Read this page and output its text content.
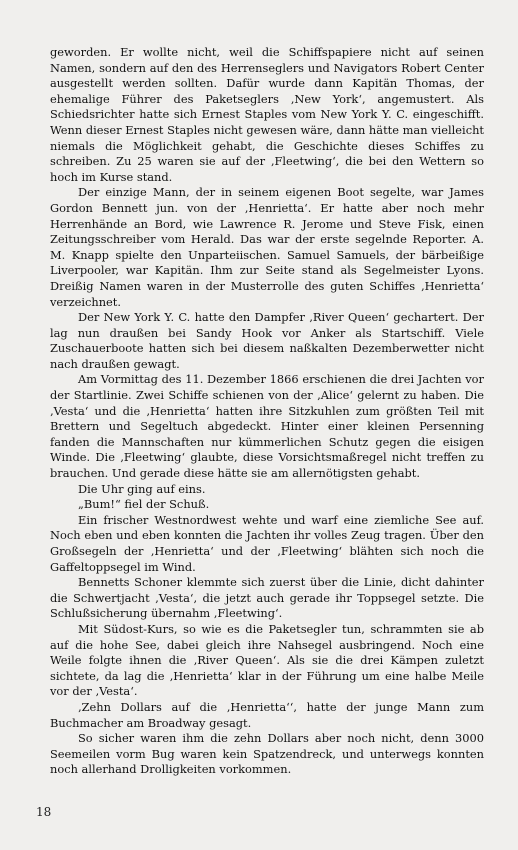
geworden. Er wollte nicht, weil die Schiffspapiere nicht auf seinen Namen, sondern auf den des Herrenseglers und Navigators Robert Center ausgestellt werden sollten. Dafür wurde dann Kapitän Thomas, der ehemalige Führer des Paketseglers ‚New York‘, angemustert. Als Schiedsrichter hatte sich Ernest Staples vom New York Y. C. eingeschifft. Wenn dieser Ernest Staples nicht gewesen wäre, dann hätte man vielleicht niemals die Möglichkeit gehabt, die Geschichte dieses Schiffes zu schreiben. Zu 25 waren sie auf der ‚Fleetwing‘, die bei den Wettern so hoch im Kurse stand.

Der einzige Mann, der in seinem eigenen Boot segelte, war James Gordon Bennett jun. von der ‚Henrietta‘. Er hatte aber noch mehr Herrenhände an Bord, wie Lawrence R. Jerome und Steve Fisk, einen Zeitungsschreiber vom Herald. Das war der erste segelnde Reporter. A. M. Knapp spielte den Unparteiischen. Samuel Samuels, der bärbeißige Liverpooler, war Kapitän. Ihm zur Seite stand als Segelmeister Lyons. Dreißig Namen waren in der Musterrolle des guten Schiffes ‚Henrietta‘ verzeichnet.

Der New York Y. C. hatte den Dampfer ‚River Queen‘ gechartert. Der lag nun draußen bei Sandy Hook vor Anker als Startschiff. Viele Zuschauerboote hatten sich bei diesem naßkalten Dezemberwetter nicht nach draußen gewagt.

Am Vormittag des 11. Dezember 1866 erschienen die drei Jachten vor der Startlinie. Zwei Schiffe schienen von der ‚Alice‘ gelernt zu haben. Die ‚Vesta‘ und die ‚Henrietta‘ hatten ihre Sitzkuhlen zum größten Teil mit Brettern und Segeltuch abgedeckt. Hinter einer kleinen Persenning fanden die Mannschaften nur kümmerlichen Schutz gegen die eisigen Winde. Die ‚Fleetwing‘ glaubte, diese Vorsichtsmaßregel nicht treffen zu brauchen. Und gerade diese hätte sie am allernötigsten gehabt.

Die Uhr ging auf eins.

„Bum!“ fiel der Schuß.

Ein frischer Westnordwest wehte und warf eine ziemliche See auf. Noch eben und eben konnten die Jachten ihr volles Zeug tragen. Über den Großsegeln der ‚Henrietta‘ und der ‚Fleetwing‘ blähten sich noch die Gaffeltoppsegel im Wind.

Bennetts Schoner klemmte sich zuerst über die Linie, dicht dahinter die Schwertjacht ‚Vesta‘, die jetzt auch gerade ihr Toppsegel setzte. Die Schlußsicherung übernahm ‚Fleetwing‘.

Mit Südost-Kurs, so wie es die Paketsegler tun, schrammten sie ab auf die hohe See, dabei gleich ihre Nahsegel ausbringend. Noch eine Weile folgte ihnen die ‚River Queen‘. Als sie die drei Kämpen zuletzt sichtete, da lag die ‚Henrietta‘ klar in der Führung um eine halbe Meile vor der ‚Vesta‘.

‚Zehn Dollars auf die ‚Henrietta‘‘, hatte der junge Mann zum Buchmacher am Broadway gesagt.

So sicher waren ihm die zehn Dollars aber noch nicht, denn 3000 Seemeilen vorm Bug waren kein Spatzendreck, und unterwegs konnten noch allerhand Drolligkeiten vorkommen.

18
